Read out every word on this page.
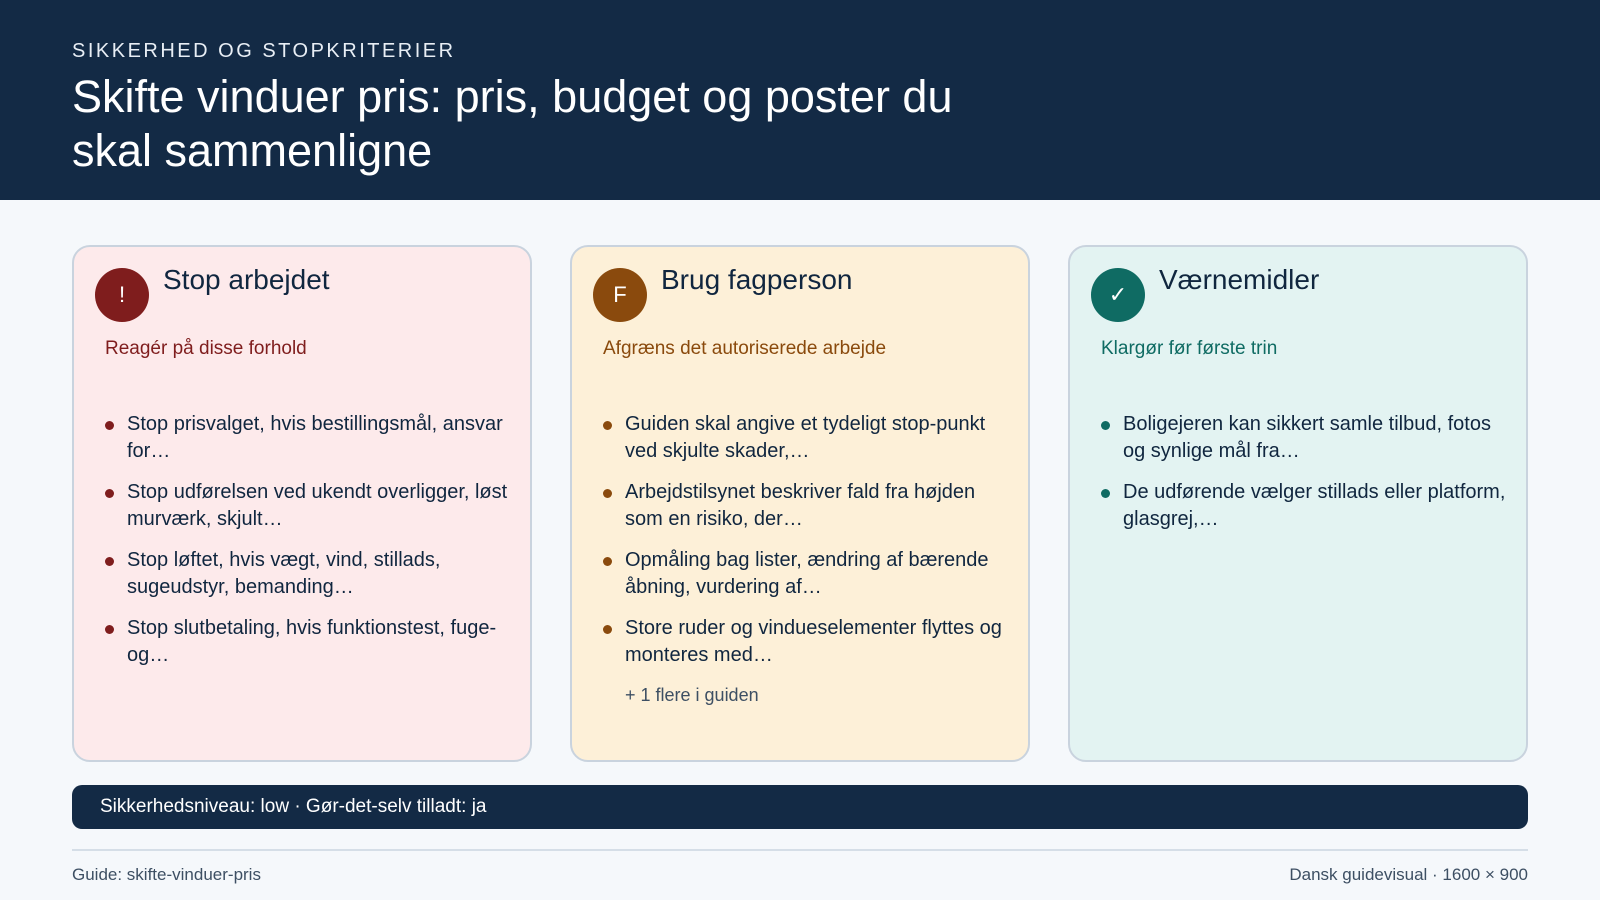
SIKKERHED OG STOPKRITERIER
Skifte vinduer pris: pris, budget og poster du skal sammenligne
!	Stop arbejdet
Reagér på disse forhold
Stop prisvalget, hvis bestillingsmål, ansvar for…
Stop udførelsen ved ukendt overligger, løst murværk, skjult…
Stop løftet, hvis vægt, vind, stillads, sugeudstyr, bemanding…
Stop slutbetaling, hvis funktionstest, fuge- og…
F	Brug fagperson
Afgræns det autoriserede arbejde
Guiden skal angive et tydeligt stop-punkt ved skjulte skader,…
Arbejdstilsynet beskriver fald fra højden som en risiko, der…
Opmåling bag lister, ændring af bærende åbning, vurdering af…
Store ruder og vindueselementer flyttes og monteres med…
+ 1 flere i guiden
✓	Værnemidler
Klargør før første trin
Boligejeren kan sikkert samle tilbud, fotos og synlige mål fra…
De udførende vælger stillads eller platform, glasgrej,…
Sikkerhedsniveau: low · Gør-det-selv tilladt: ja
Guide: skifte-vinduer-pris	Dansk guidevisual · 1600 × 900
